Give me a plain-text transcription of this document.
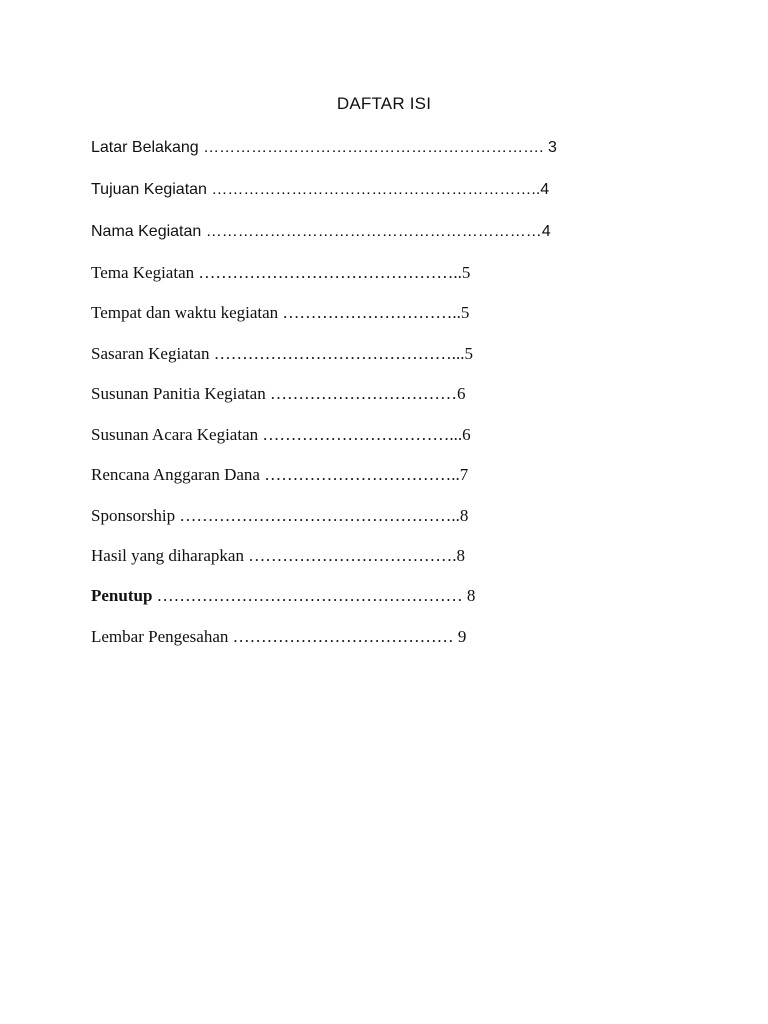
DAFTAR ISI
Latar Belakang ………………………………………………………. 3
Tujuan Kegiatan ……………………………………………………..4
Nama Kegiatan ………………………………………………………4
Tema Kegiatan ………………………………………..5
Tempat dan waktu kegiatan …………………………..5
Sasaran Kegiatan ……………………………………...5
Susunan Panitia Kegiatan ……………………………6
Susunan Acara Kegiatan ……………………………...6
Rencana Anggaran Dana ……………………………..7
Sponsorship …………………………………………..8
Hasil yang diharapkan ……………………………….8
Penutup ……………………………………………… 8
Lembar Pengesahan ………………………………… 9
